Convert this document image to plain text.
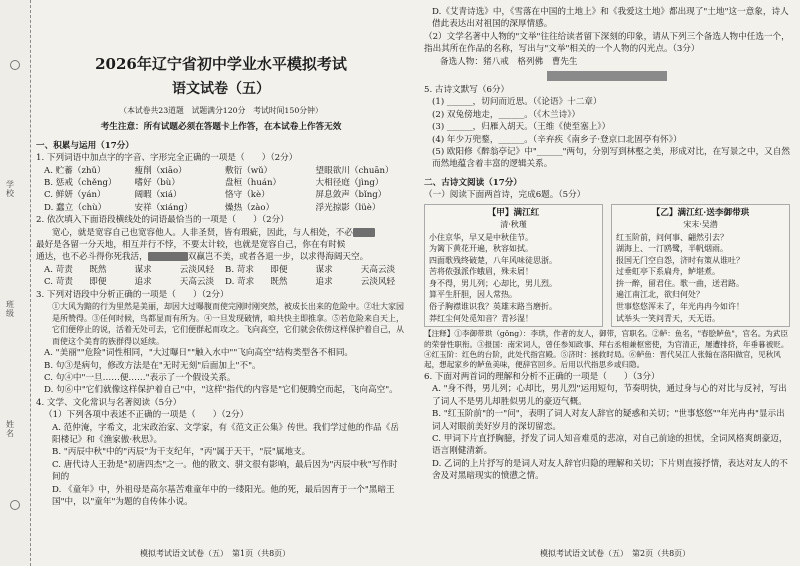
学校
班级
姓名
2026年辽宁省初中学业水平模拟考试
语文试卷（五）
（本试卷共23道题　试题满分120分　考试时间150分钟）
考生注意：所有试题必须在答题卡上作答，在本试卷上作答无效
一、积累与运用（17分）

1. 下列词语中加点字的字音、字形完全正确的一项是（　　）（2分）

A. 贮蓄（zhǔ）	瘦削（xiāo）	敷衍（wǔ）	望眼欲川（chuān）
B. 惩戒（chěng）	嗜好（bù）	盘桓（huán）	大相径庭（jìng）
C. 鲜妍（yán）	阔暇（xiá）	恪守（kè）	屏息敛声（bǐng）
D. 蠢立（chù）	安祥（xiáng）	燥热（zào）	浮光掠影（lüè）

2. 依次填入下面语段横线处的词语最恰当的一项是（　　）（2分）

宽心，就是宽容自己也宽容他人。人非圣贤，皆有瑕疵，因此，与人相处，不必

最好是各留一分天地，相互并行不悖，不要太计较，也就是宽容自己，你在有时候

通达，也不必斗得你死我活，	双赢岂不美，或者各退一步，以求得海阔天空。

A. 苛责	既然	谋求	云淡风轻	B. 苛求	即便	谋求	天高云淡
C. 苛责	即便	追求	天高云淡	D. 苛求	既然	追求	云淡风轻

3. 下列对语段中分析正确的一项是（　　）（2分）

①大风为黯的行为里然是美丽，却因大过曝腹而使完刚时刚突然，被成长出来的危险中。②壮大家园是所赞得。③任何时候，鸟都显而有所为。④一旦发现破情，咱共快主即推拿。⑤若危险来自天上，它们便停止的说，活着无处可去，它们便群起而攻之。飞向高空，它们就会依傍这样保护着自己，从而使这个美育的族群得以延续。

A. "美丽""危险"词性相同，"大过曝日""触入水中""飞向高空"结构类型各不相同。

B. 句③是病句，修改方法是在"无时无刻"后面加上"不"。

C. 句④中"一旦……便……"表示了一个假设关系。

D. 句⑥中"它们就像这样保护着自己"中，"这样"指代的内容是"它们便腾空而起，飞向高空"。

4. 文学、文化常识与名著阅读（5分）

（1）下列各项中表述不正确的一项是（　　）（2分）

A. 范仲淹，字希文，北宋政治家、文学家，有《范文正公集》传世。我们学过他的作品《岳阳楼记》和《渔家傲·秋思》。

B. "丙辰中秋"中的"丙辰"为干支纪年，"丙"属于天干，"辰"属地支。

C. 唐代诗人王勃是"初唐四杰"之一。他的散文、骈文很有影响，最后因为"丙辰中秋"写作时间的

D. 《童年》中，外祖母是高尔基苦难童年中的一缕阳光。他的死，最后因育于一个"黑暗王国"中，以"童年"为题的自传体小说。

模拟考试语文试卷（五）　第1页（共8页）

D.《艾青诗选》中，《雪落在中国的土地上》和《我爱这土地》都出现了"土地"这一意象，诗人借此表达出对祖国的深厚情感。

（2）文学名著中人物的"文举"往往给读者留下深刻的印象，请从下列三个备选人物中任选一个，指出其所在作品的名称，写出与"文举"相关的一个人物的闪光点。（3分）

备选人物：猪八戒　格列佛　曹先生

5. 古诗文默写（6分）

(1) ______，切问而近思。（《论语》十二章）

(2) 双兔傍地走，______。（《木兰诗》）

(3) ______，归雁入胡天。（王维《使至塞上》）

(4) 年少万兜鍪，______。（辛弃疾《南乡子·登京口北固亭有怀》）

(5) 欧阳修《醉翁亭记》中"______"两句，分别写到林壑之美，形成对比，在写景之中，又自然而然地蕴含着丰富的逻辑关系。

二、古诗文阅读（17分）

（一）阅读下面两首诗，完成6题。（5分）

【甲】满江红
清·秋瑾

小住京华，早又是中秋佳节。

为篱下黄花开遍，秋容如拭。

四面歌残终破楚，八年风味徒思浙。

苦将侬强派作蛾眉，殊未屑！

身不得，男儿列；心却比，男儿烈。

算平生肝胆，因人常热。

俗子胸襟谁识我？英雄末路当磨折。

莽红尘何处觅知音？青衫湿！

【乙】满江红·送李御带珙
宋末·吴潜

红玉阶前，问何事、翩然引去？

湖海上、一汀鸥鹭，半帆烟雨。

报国无门空自怨，济时有策从谁吐？

过垂虹亭下系扁舟，鲈堪煮。

拚一醉，留君住。歌一曲，送君路。

遍江南江北，欲归何处？

世事悠悠浑未了，年光冉冉今如许！

试举头一笑问青天，天无语。

【注释】①李御带珙（gǒng）：李珙，作者的友人，御带，官职名。②鲈：鱼名，"春脍鲈鱼"，官名。为武臣的荣誉性职衔。③报国：南宋词人，曾任参知政事、拜右丞相兼枢密使，为官清正，屡遭排挤，年垂暮被贬。④红玉阶：红色的台阶，此处代指宫殿。⑤济时：拯救时局。⑥鲈鱼：晋代吴江人张翰在洛阳做官，见秋风起，想起家乡的鲈鱼美味，便辞官回乡。后用以代指思乡或归隐。

6. 下面对两首词的理解和分析不正确的一项是（　　）（3分）

A. "身不得，男儿列；心却比，男儿烈"运用短句，节奏明快，通过身与心的对比与反衬，写出了词人不是男儿却胜似男儿的豪迈气概。

B. "红玉阶前"的一"问"，表明了词人对友人辞官的疑惑和关切；"世事悠悠""年光冉冉"显示出词人对眼前美好岁月的深切留恋。

C. 甲词下片直抒胸臆，抒发了词人知音难觅的悲凉，对自己前途的担忧，全词风格爽朗豪迈，语言刚健清新。

D. 乙词的上片抒写的是词人对友人辞官归隐的理解和关切；下片则直接抒情，表达对友人的不舍及对黑暗现实的愤懑之情。

模拟考试语文试卷（五）　第2页（共8页）
